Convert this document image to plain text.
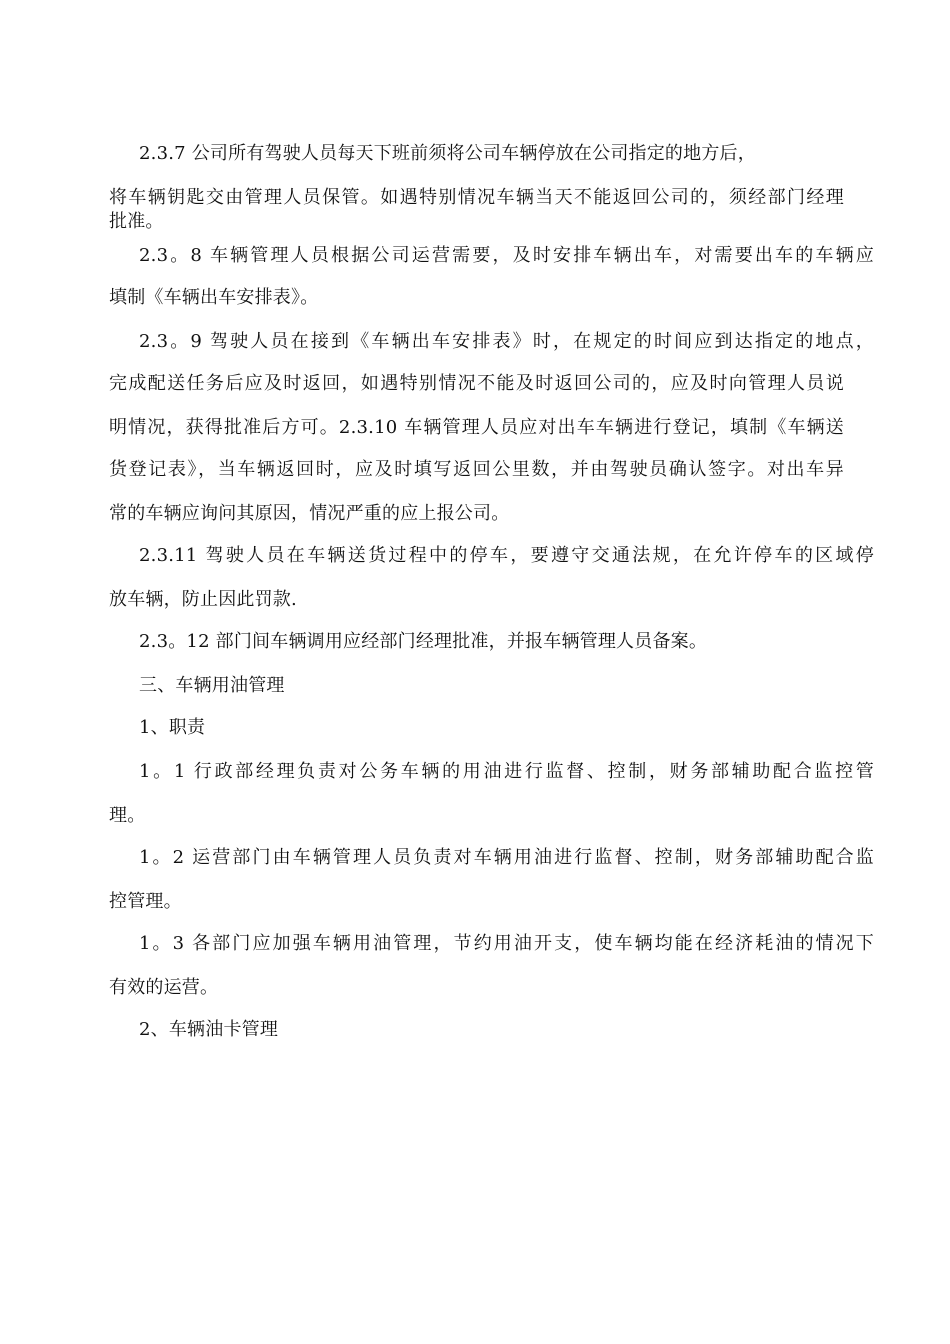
2.3.7 公司所有驾驶人员每天下班前须将公司车辆停放在公司指定的地方后，
将车辆钥匙交由管理人员保管。如遇特别情况车辆当天不能返回公司的，须经部门经理
批准。
2.3。8 车辆管理人员根据公司运营需要，及时安排车辆出车，对需要出车的车辆应
填制《车辆出车安排表》。
2.3。9 驾驶人员在接到《车辆出车安排表》时，在规定的时间应到达指定的地点，
完成配送任务后应及时返回，如遇特别情况不能及时返回公司的，应及时向管理人员说
明情况，获得批准后方可。2.3.10 车辆管理人员应对出车车辆进行登记，填制《车辆送
货登记表》，当车辆返回时，应及时填写返回公里数，并由驾驶员确认签字。对出车异
常的车辆应询问其原因，情况严重的应上报公司。
2.3.11 驾驶人员在车辆送货过程中的停车，要遵守交通法规，在允许停车的区域停
放车辆，防止因此罚款.
2.3。12 部门间车辆调用应经部门经理批准，并报车辆管理人员备案。
三、车辆用油管理
1、职责
1。1 行政部经理负责对公务车辆的用油进行监督、控制，财务部辅助配合监控管
理。
1。2 运营部门由车辆管理人员负责对车辆用油进行监督、控制，财务部辅助配合监
控管理。
1。3 各部门应加强车辆用油管理，节约用油开支，使车辆均能在经济耗油的情况下
有效的运营。
2、车辆油卡管理
